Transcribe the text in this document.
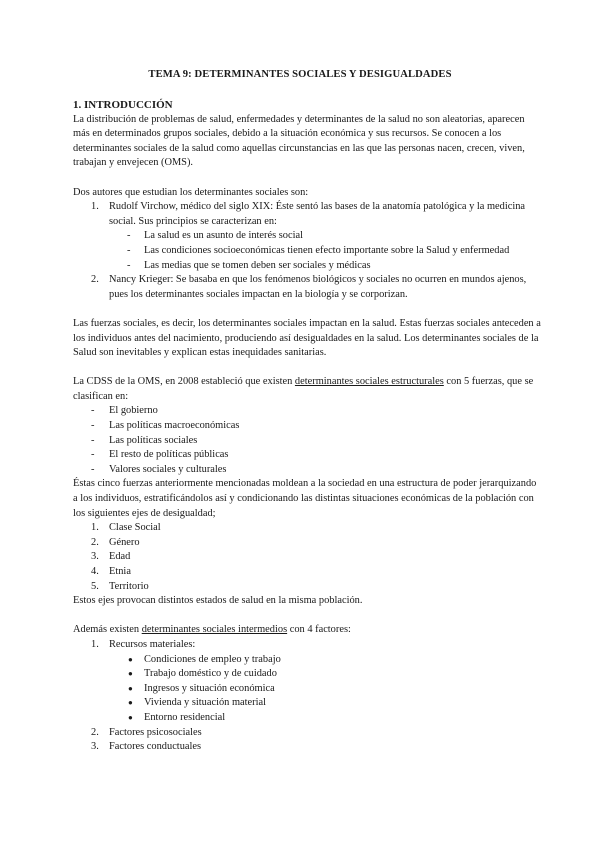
TEMA 9: DETERMINANTES SOCIALES Y DESIGUALDADES

1. INTRODUCCIÓN

La distribución de problemas de salud, enfermedades y determinantes de la salud no son aleatorias, aparecen más en determinados grupos sociales, debido a la situación económica y sus recursos. Se conocen a los determinantes sociales de la salud como aquellas circunstancias en las que las personas nacen, crecen, viven, trabajan y envejecen (OMS).

Dos autores que estudian los determinantes sociales son:

1. Rudolf Virchow, médico del siglo XIX: Éste sentó las bases de la anatomía patológica y la medicina social. Sus principios se caracterizan en:
- La salud es un asunto de interés social
- Las condiciones socioeconómicas tienen efecto importante sobre la Salud y enfermedad
- Las medias que se tomen deben ser sociales y médicas
2. Nancy Krieger: Se basaba en que los fenómenos biológicos y sociales no ocurren en mundos ajenos, pues los determinantes sociales impactan en la biología y se corporizan.

Las fuerzas sociales, es decir, los determinantes sociales impactan en la salud. Estas fuerzas sociales anteceden a los individuos antes del nacimiento, produciendo así desigualdades en la salud. Los determinantes sociales de la Salud son inevitables y explican estas inequidades sanitarias.

La CDSS de la OMS, en 2008 estableció que existen determinantes sociales estructurales con 5 fuerzas, que se clasifican en:

- El gobierno
- Las políticas macroeconómicas
- Las políticas sociales
- El resto de políticas públicas
- Valores sociales y culturales

Éstas cinco fuerzas anteriormente mencionadas moldean a la sociedad en una estructura de poder jerarquizando a los individuos, estratificándolos así y condicionando las distintas situaciones económicas de la población con los siguientes ejes de desigualdad;

1. Clase Social
2. Género
3. Edad
4. Etnia
5. Territorio

Estos ejes provocan distintos estados de salud en la misma población.

Además existen determinantes sociales intermedios con 4 factores:

1. Recursos materiales:
● Condiciones de empleo y trabajo
● Trabajo doméstico y de cuidado
● Ingresos y situación económica
● Vivienda y situación material
● Entorno residencial
2. Factores psicosociales
3. Factores conductuales
